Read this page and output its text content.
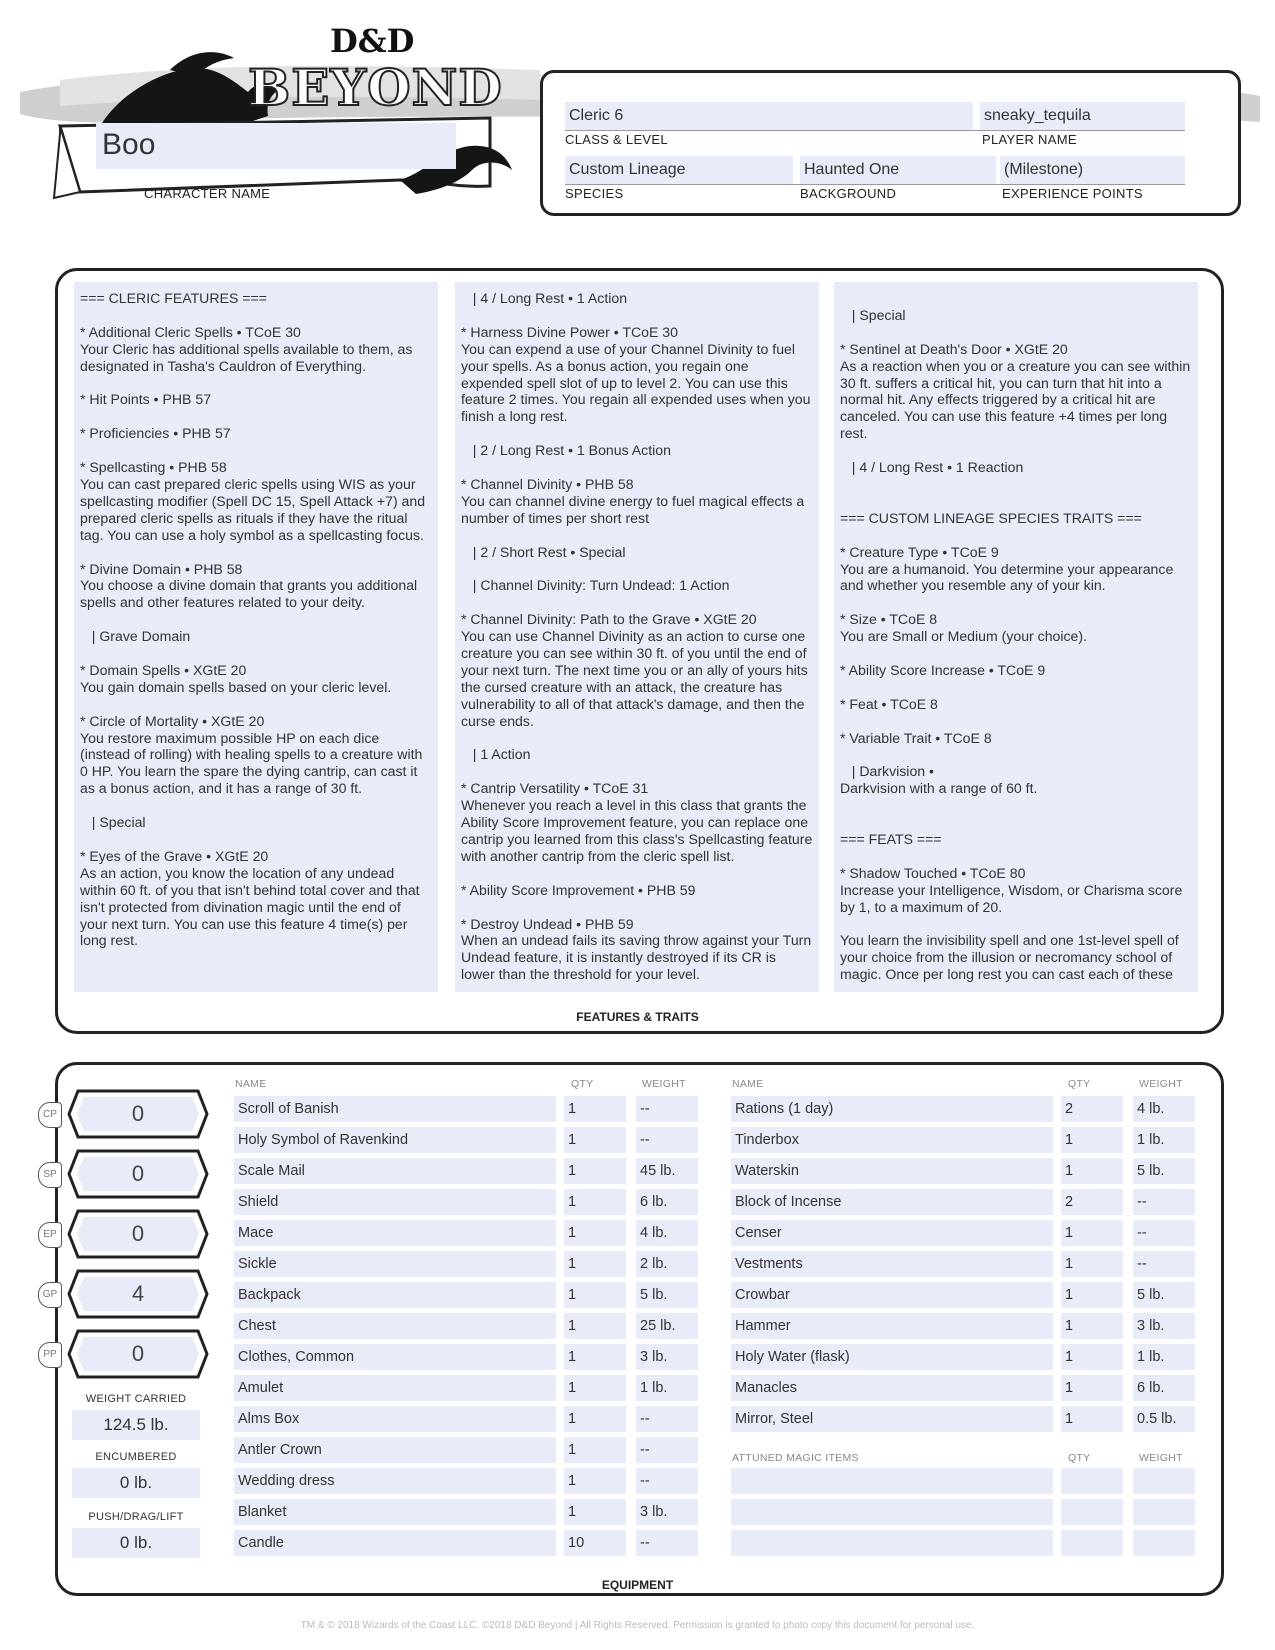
D&D
BEYOND
Boo
CHARACTER NAME
Cleric 6	sneaky_tequila
CLASS & LEVEL	PLAYER NAME
Custom Lineage	Haunted One	(Milestone)
SPECIES	BACKGROUND	EXPERIENCE POINTS
=== CLERIC FEATURES ===

* Additional Cleric Spells • TCoE 30
Your Cleric has additional spells available to them, as designated in Tasha's Cauldron of Everything.

* Hit Points • PHB 57

* Proficiencies • PHB 57

* Spellcasting • PHB 58
You can cast prepared cleric spells using WIS as your spellcasting modifier (Spell DC 15, Spell Attack +7) and prepared cleric spells as rituals if they have the ritual tag. You can use a holy symbol as a spellcasting focus.

* Divine Domain • PHB 58
You choose a divine domain that grants you additional spells and other features related to your deity.

| Grave Domain

* Domain Spells • XGtE 20
You gain domain spells based on your cleric level.

* Circle of Mortality • XGtE 20
You restore maximum possible HP on each dice (instead of rolling) with healing spells to a creature with 0 HP. You learn the spare the dying cantrip, can cast it as a bonus action, and it has a range of 30 ft.

| Special

* Eyes of the Grave • XGtE 20
As an action, you know the location of any undead within 60 ft. of you that isn't behind total cover and that isn't protected from divination magic until the end of your next turn. You can use this feature 4 time(s) per long rest.
| 4 / Long Rest • 1 Action

* Harness Divine Power • TCoE 30
You can expend a use of your Channel Divinity to fuel your spells. As a bonus action, you regain one expended spell slot of up to level 2. You can use this feature 2 times. You regain all expended uses when you finish a long rest.

| 2 / Long Rest • 1 Bonus Action

* Channel Divinity • PHB 58
You can channel divine energy to fuel magical effects a number of times per short rest

| 2 / Short Rest • Special

| Channel Divinity: Turn Undead: 1 Action

* Channel Divinity: Path to the Grave • XGtE 20
You can use Channel Divinity as an action to curse one creature you can see within 30 ft. of you until the end of your next turn. The next time you or an ally of yours hits the cursed creature with an attack, the creature has vulnerability to all of that attack's damage, and then the curse ends.

| 1 Action

* Cantrip Versatility • TCoE 31
Whenever you reach a level in this class that grants the Ability Score Improvement feature, you can replace one cantrip you learned from this class's Spellcasting feature with another cantrip from the cleric spell list.

* Ability Score Improvement • PHB 59

* Destroy Undead • PHB 59
When an undead fails its saving throw against your Turn Undead feature, it is instantly destroyed if its CR is lower than the threshold for your level.

| Special

* Sentinel at Death's Door • XGtE 20
As a reaction when you or a creature you can see within 30 ft. suffers a critical hit, you can turn that hit into a normal hit. Any effects triggered by a critical hit are canceled. You can use this feature +4 times per long rest.

| 4 / Long Rest • 1 Reaction

=== CUSTOM LINEAGE SPECIES TRAITS ===

* Creature Type • TCoE 9
You are a humanoid. You determine your appearance and whether you resemble any of your kin.

* Size • TCoE 8
You are Small or Medium (your choice).

* Ability Score Increase • TCoE 9

* Feat • TCoE 8

* Variable Trait • TCoE 8

| Darkvision •
Darkvision with a range of 60 ft.

=== FEATS ===

* Shadow Touched • TCoE 80
Increase your Intelligence, Wisdom, or Charisma score by 1, to a maximum of 20.

You learn the invisibility spell and one 1st-level spell of your choice from the illusion or necromancy school of magic. Once per long rest you can cast each of these
FEATURES & TRAITS
CP	0
SP	0
EP	0
GP	4
PP	0
WEIGHT CARRIED
124.5 lb.
ENCUMBERED
0 lb.
PUSH/DRAG/LIFT
0 lb.
NAME	QTY	WEIGHT	NAME	QTY	WEIGHT
Scroll of Banish	1	--
Holy Symbol of Ravenkind	1	--
Scale Mail	1	45 lb.
Shield	1	6 lb.
Mace	1	4 lb.
Sickle	1	2 lb.
Backpack	1	5 lb.
Chest	1	25 lb.
Clothes, Common	1	3 lb.
Amulet	1	1 lb.
Alms Box	1	--
Antler Crown	1	--
Wedding dress	1	--
Blanket	1	3 lb.
Candle	10	--
Rations (1 day)	2	4 lb.
Tinderbox	1	1 lb.
Waterskin	1	5 lb.
Block of Incense	2	--
Censer	1	--
Vestments	1	--
Crowbar	1	5 lb.
Hammer	1	3 lb.
Holy Water (flask)	1	1 lb.
Manacles	1	6 lb.
Mirror, Steel	1	0.5 lb.
ATTUNED MAGIC ITEMS	QTY	WEIGHT
EQUIPMENT
TM & © 2018 Wizards of the Coast LLC. ©2018 D&D Beyond | All Rights Reserved. Permission is granted to photo copy this document for personal use.
